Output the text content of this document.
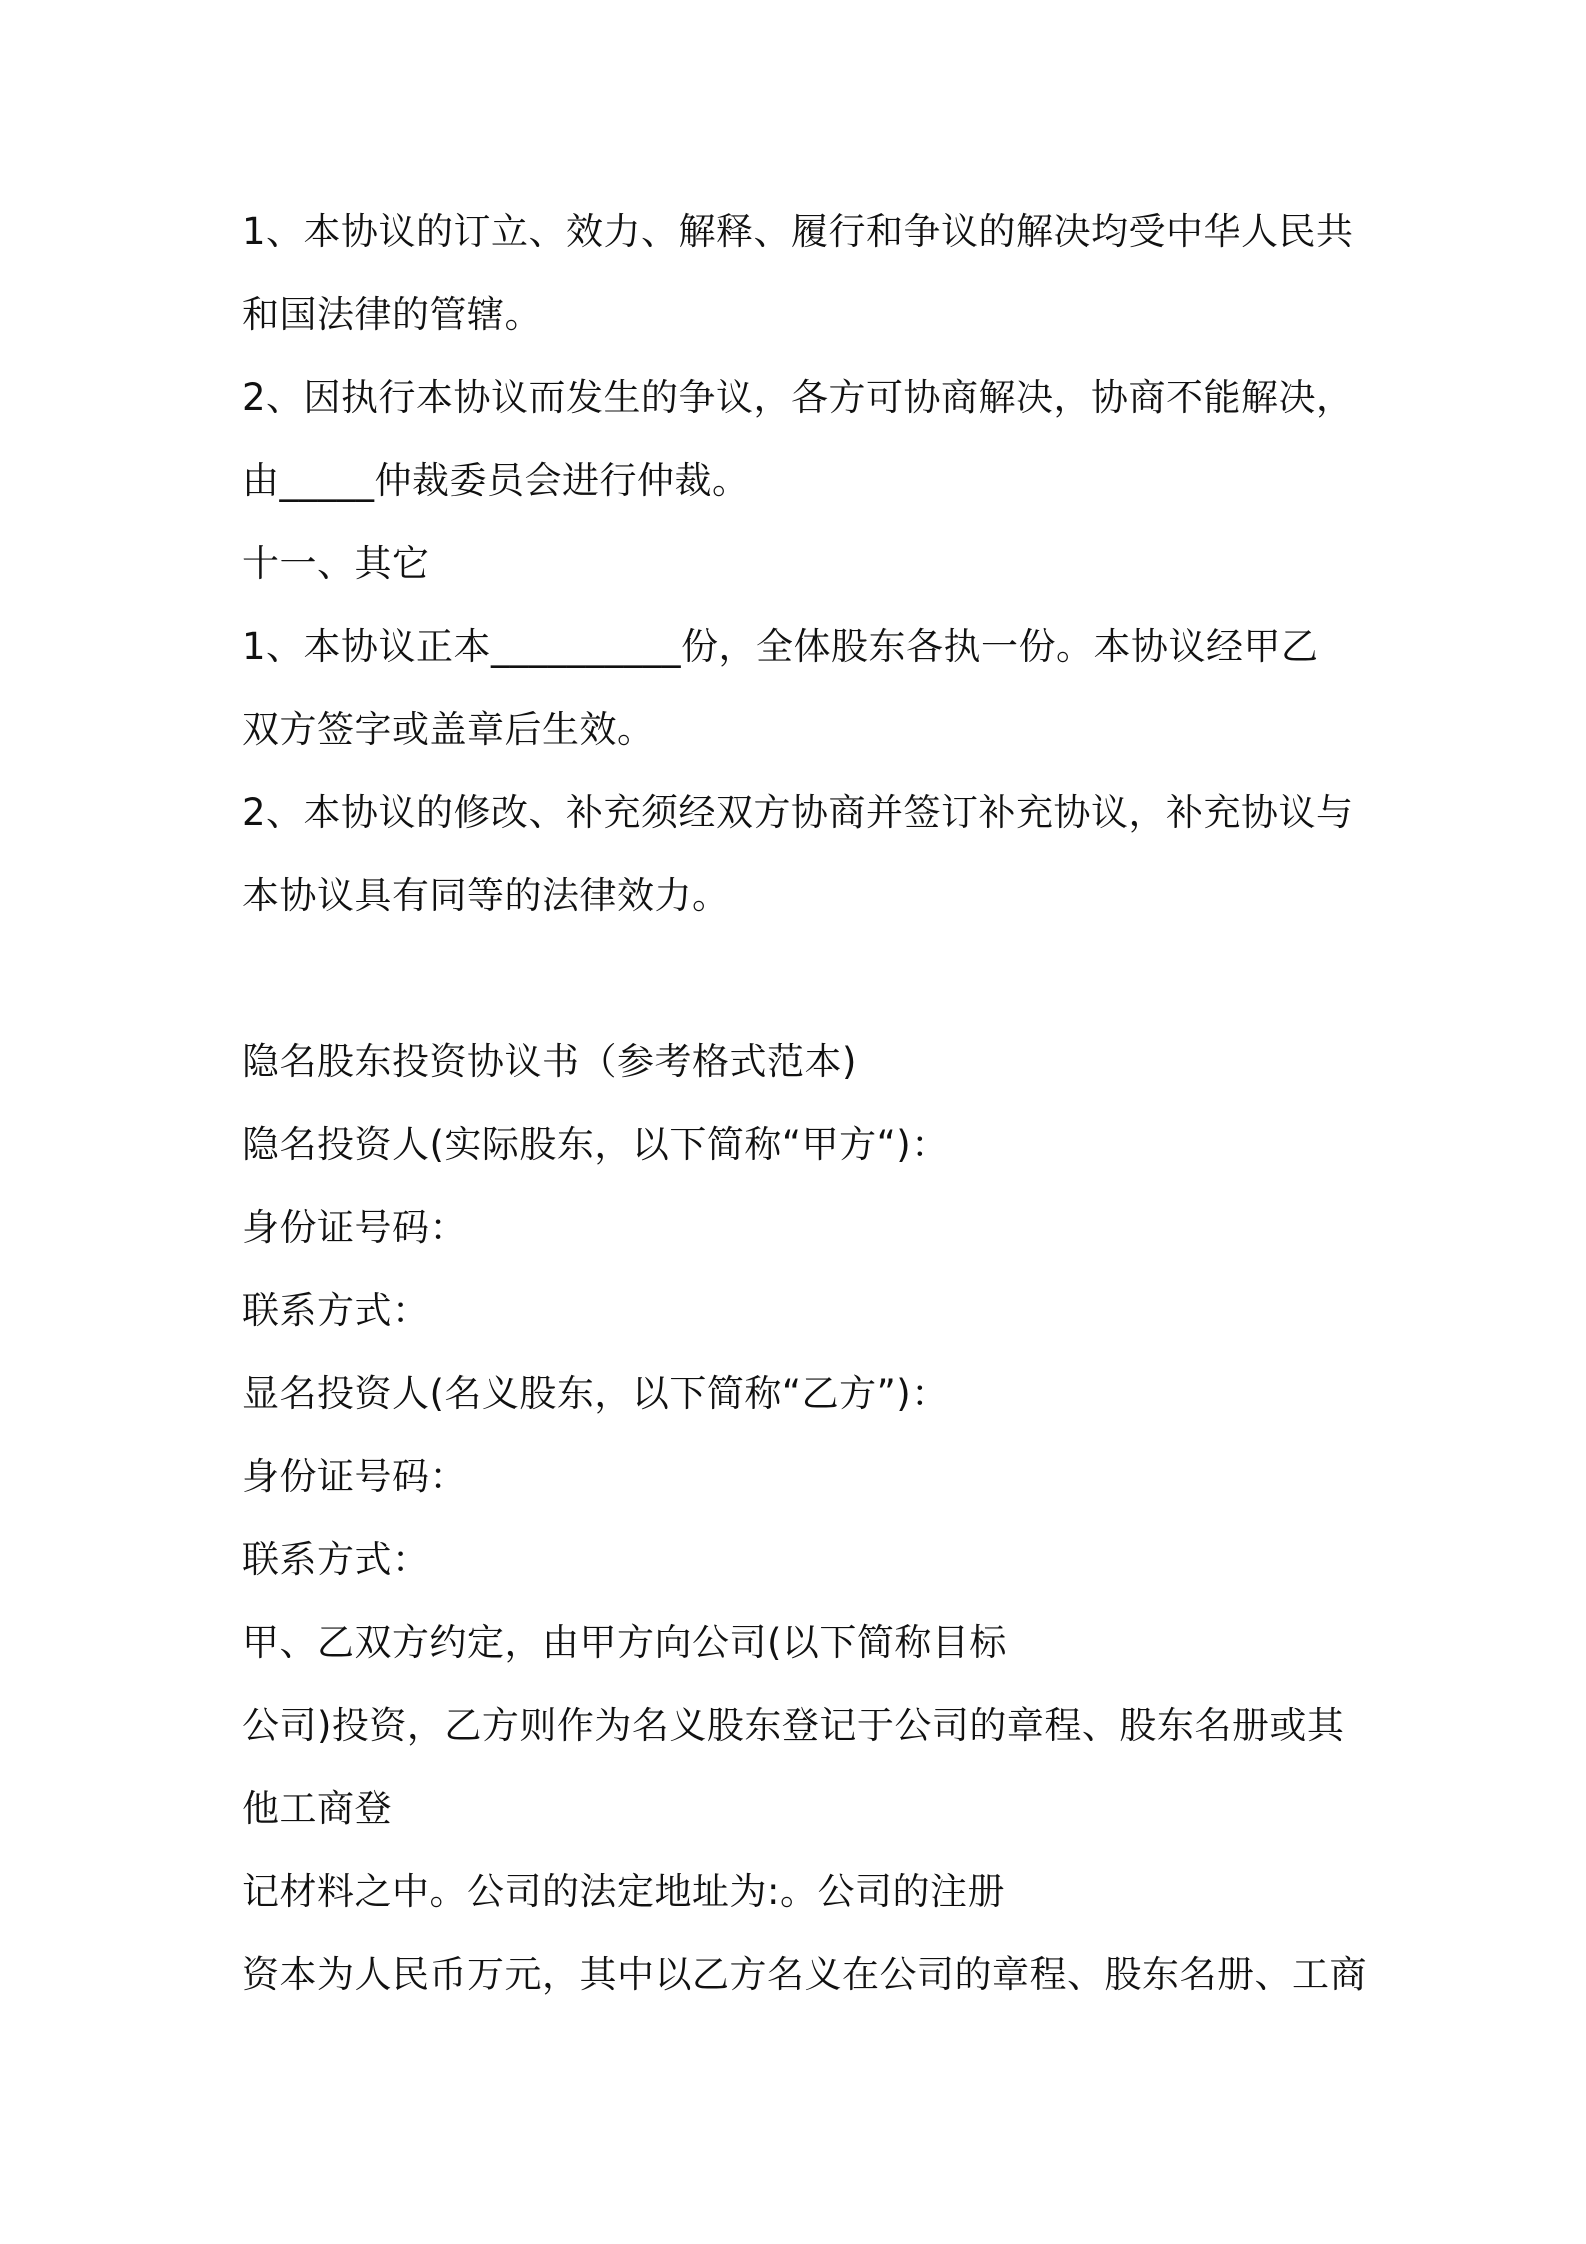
1、本协议的订立、效力、解释、履行和争议的解决均受中华人民共
和国法律的管辖。
2、因执行本协议而发生的争议，各方可协商解决，协商不能解决，
由_____仲裁委员会进行仲裁。
十一、其它
1、本协议正本__________份，全体股东各执一份。本协议经甲乙
双方签字或盖章后生效。
2、本协议的修改、补充须经双方协商并签订补充协议，补充协议与
本协议具有同等的法律效力。
隐名股东投资协议书（参考格式范本)
隐名投资人(实际股东，以下简称“甲方“)：
身份证号码：
联系方式：
显名投资人(名义股东，以下简称“乙方”)：
身份证号码：
联系方式：
甲、乙双方约定，由甲方向公司(以下简称目标
公司)投资，乙方则作为名义股东登记于公司的章程、股东名册或其
他工商登
记材料之中。公司的法定地址为:。公司的注册
资本为人民币万元，其中以乙方名义在公司的章程、股东名册、工商
